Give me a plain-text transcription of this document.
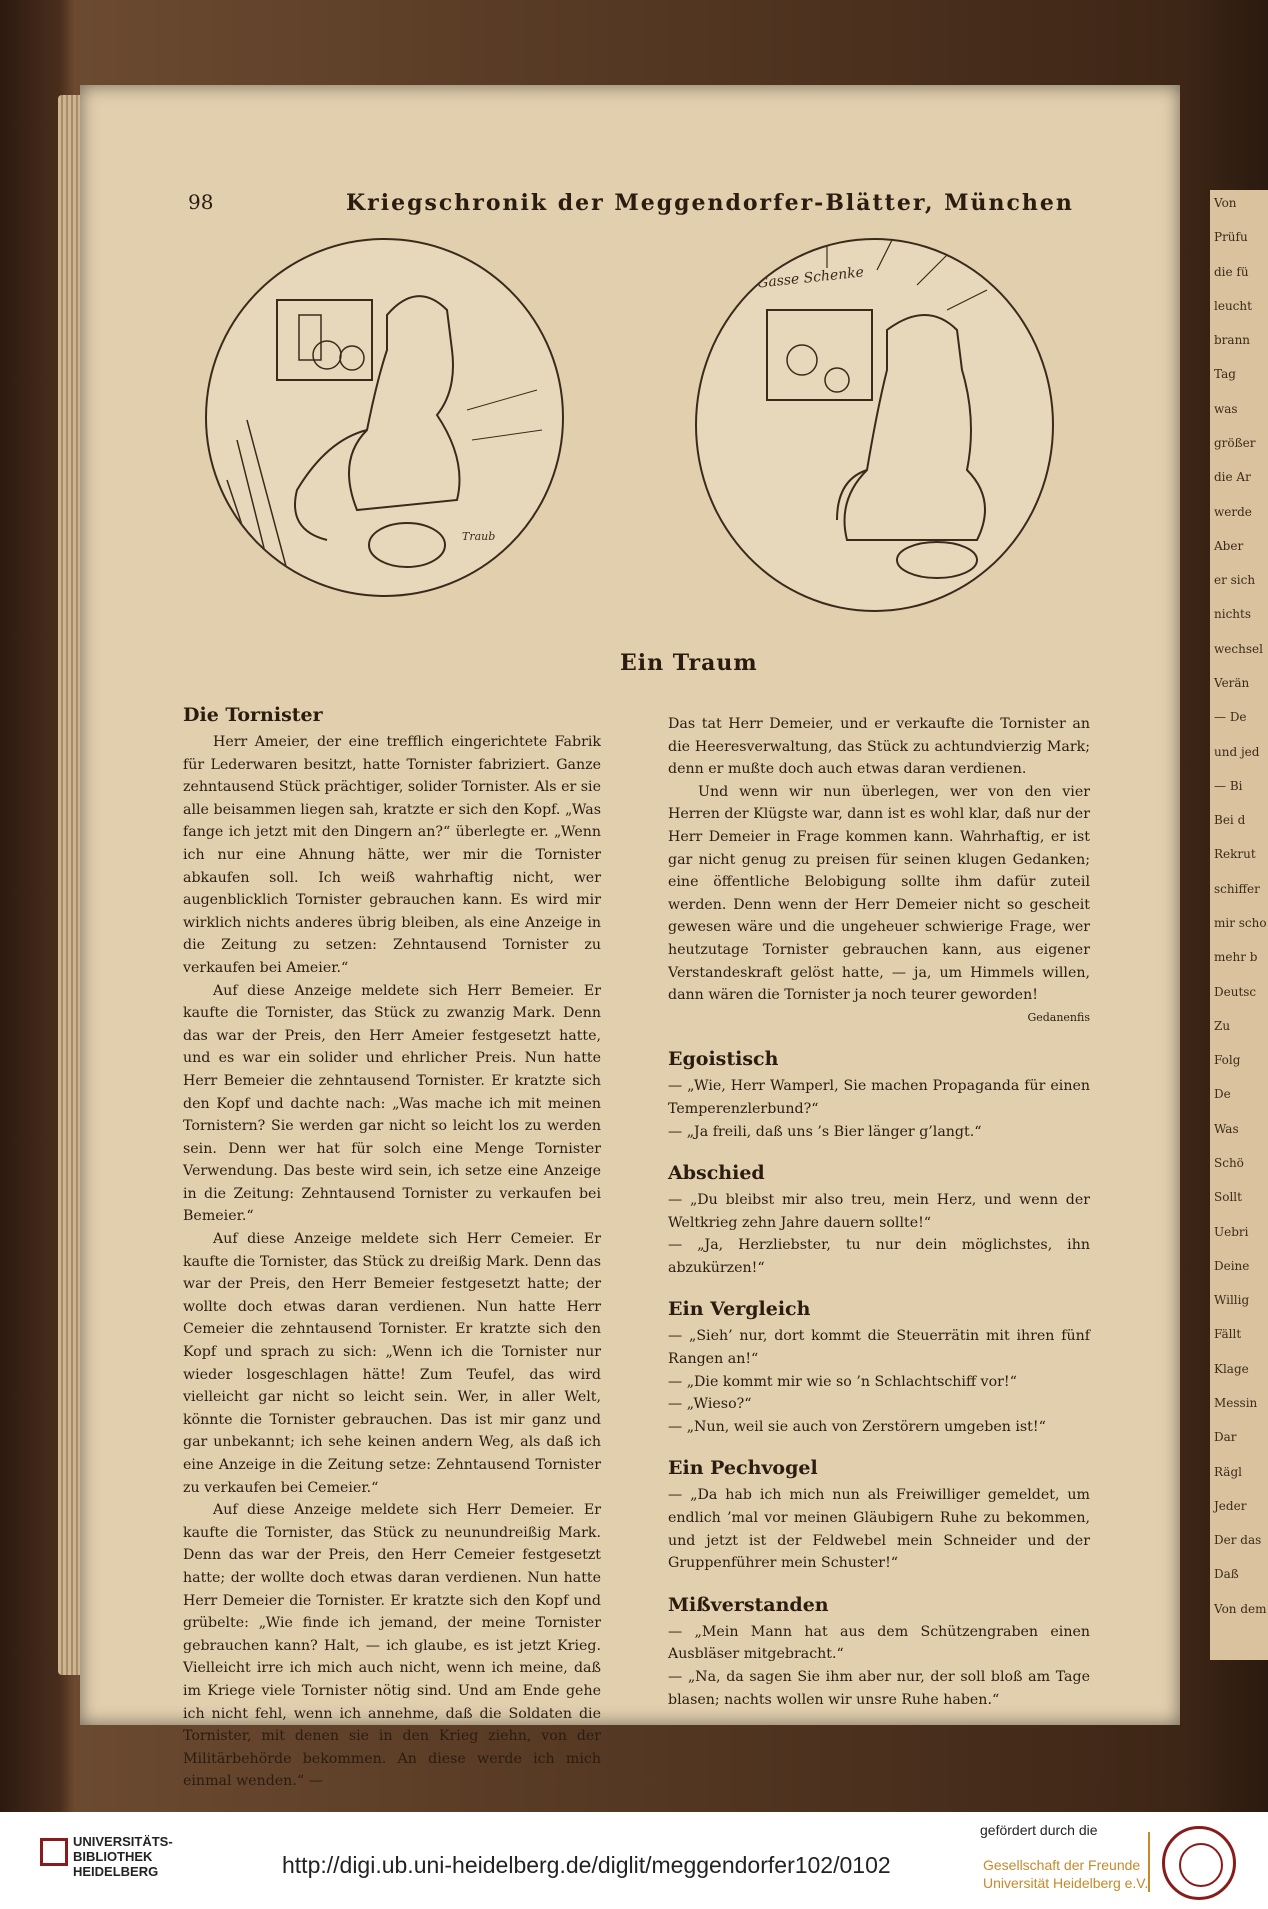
Von
Prüfu
die fü
leucht
brann
Tag
was
größer
die Ar
werde
Aber
er sich
nichts
wechsel
Verän
— De
und jed
— Bi
Bei d
Rekrut
schiffer
mir scho
mehr b
Deutsc
Zu
Folg
De
Was
Schö
Sollt
Uebri
Deine
Willig
Fällt
Klage
Messin
Dar
Rägl
Jeder
Der das
Daß
Von dem
98	Kriegschronik der Meggendorfer-Blätter, München
Traub
Gasse Schenke
Ein Traum
Die Tornister

Herr Ameier, der eine trefflich eingerichtete Fabrik für Lederwaren besitzt, hatte Tornister fabriziert. Ganze zehntausend Stück prächtiger, solider Tornister. Als er sie alle beisammen liegen sah, kratzte er sich den Kopf. „Was fange ich jetzt mit den Dingern an?“ überlegte er. „Wenn ich nur eine Ahnung hätte, wer mir die Tornister abkaufen soll. Ich weiß wahrhaftig nicht, wer augenblicklich Tornister gebrauchen kann. Es wird mir wirklich nichts anderes übrig bleiben, als eine Anzeige in die Zeitung zu setzen: Zehntausend Tornister zu verkaufen bei Ameier.“

Auf diese Anzeige meldete sich Herr Bemeier. Er kaufte die Tornister, das Stück zu zwanzig Mark. Denn das war der Preis, den Herr Ameier festgesetzt hatte, und es war ein solider und ehrlicher Preis. Nun hatte Herr Bemeier die zehntausend Tornister. Er kratzte sich den Kopf und dachte nach: „Was mache ich mit meinen Tornistern? Sie werden gar nicht so leicht los zu werden sein. Denn wer hat für solch eine Menge Tornister Verwendung. Das beste wird sein, ich setze eine Anzeige in die Zeitung: Zehntausend Tornister zu verkaufen bei Bemeier.“

Auf diese Anzeige meldete sich Herr Cemeier. Er kaufte die Tornister, das Stück zu dreißig Mark. Denn das war der Preis, den Herr Bemeier festgesetzt hatte; der wollte doch etwas daran verdienen. Nun hatte Herr Cemeier die zehntausend Tornister. Er kratzte sich den Kopf und sprach zu sich: „Wenn ich die Tornister nur wieder losgeschlagen hätte! Zum Teufel, das wird vielleicht gar nicht so leicht sein. Wer, in aller Welt, könnte die Tornister gebrauchen. Das ist mir ganz und gar unbekannt; ich sehe keinen andern Weg, als daß ich eine Anzeige in die Zeitung setze: Zehntausend Tornister zu verkaufen bei Cemeier.“

Auf diese Anzeige meldete sich Herr Demeier. Er kaufte die Tornister, das Stück zu neunundreißig Mark. Denn das war der Preis, den Herr Cemeier festgesetzt hatte; der wollte doch etwas daran verdienen. Nun hatte Herr Demeier die Tornister. Er kratzte sich den Kopf und grübelte: „Wie finde ich jemand, der meine Tornister gebrauchen kann? Halt, — ich glaube, es ist jetzt Krieg. Vielleicht irre ich mich auch nicht, wenn ich meine, daß im Kriege viele Tornister nötig sind. Und am Ende gehe ich nicht fehl, wenn ich annehme, daß die Soldaten die Tornister, mit denen sie in den Krieg ziehn, von der Militärbehörde bekommen. An diese werde ich mich einmal wenden.“ —

Das tat Herr Demeier, und er verkaufte die Tornister an die Heeresverwaltung, das Stück zu achtundvierzig Mark; denn er mußte doch auch etwas daran verdienen.

Und wenn wir nun überlegen, wer von den vier Herren der Klügste war, dann ist es wohl klar, daß nur der Herr Demeier in Frage kommen kann. Wahrhaftig, er ist gar nicht genug zu preisen für seinen klugen Gedanken; eine öffentliche Belobigung sollte ihm dafür zuteil werden. Denn wenn der Herr Demeier nicht so gescheit gewesen wäre und die ungeheuer schwierige Frage, wer heutzutage Tornister gebrauchen kann, aus eigener Verstandeskraft gelöst hatte, — ja, um Himmels willen, dann wären die Tornister ja noch teurer geworden!

Gedanenfis
Egoistisch

— „Wie, Herr Wamperl, Sie machen Propaganda für einen Temperenzlerbund?“

— „Ja freili, daß uns ’s Bier länger g’langt.“

Abschied

— „Du bleibst mir also treu, mein Herz, und wenn der Weltkrieg zehn Jahre dauern sollte!“

— „Ja, Herzliebster, tu nur dein möglichstes, ihn abzukürzen!“

Ein Vergleich

— „Sieh’ nur, dort kommt die Steuerrätin mit ihren fünf Rangen an!“

— „Die kommt mir wie so ’n Schlachtschiff vor!“

— „Wieso?“

— „Nun, weil sie auch von Zerstörern umgeben ist!“

Ein Pechvogel

— „Da hab ich mich nun als Freiwilliger gemeldet, um endlich ’mal vor meinen Gläubigern Ruhe zu bekommen, und jetzt ist der Feldwebel mein Schneider und der Gruppenführer mein Schuster!“

Mißverstanden

— „Mein Mann hat aus dem Schützengraben einen Ausbläser mitgebracht.“

— „Na, da sagen Sie ihm aber nur, der soll bloß am Tage blasen; nachts wollen wir unsre Ruhe haben.“

UNIVERSITÄTS-
BIBLIOTHEK
HEIDELBERG	http://digi.ub.uni-heidelberg.de/diglit/meggendorfer102/0102
gefördert durch die
Gesellschaft der Freunde
Universität Heidelberg e.V.
